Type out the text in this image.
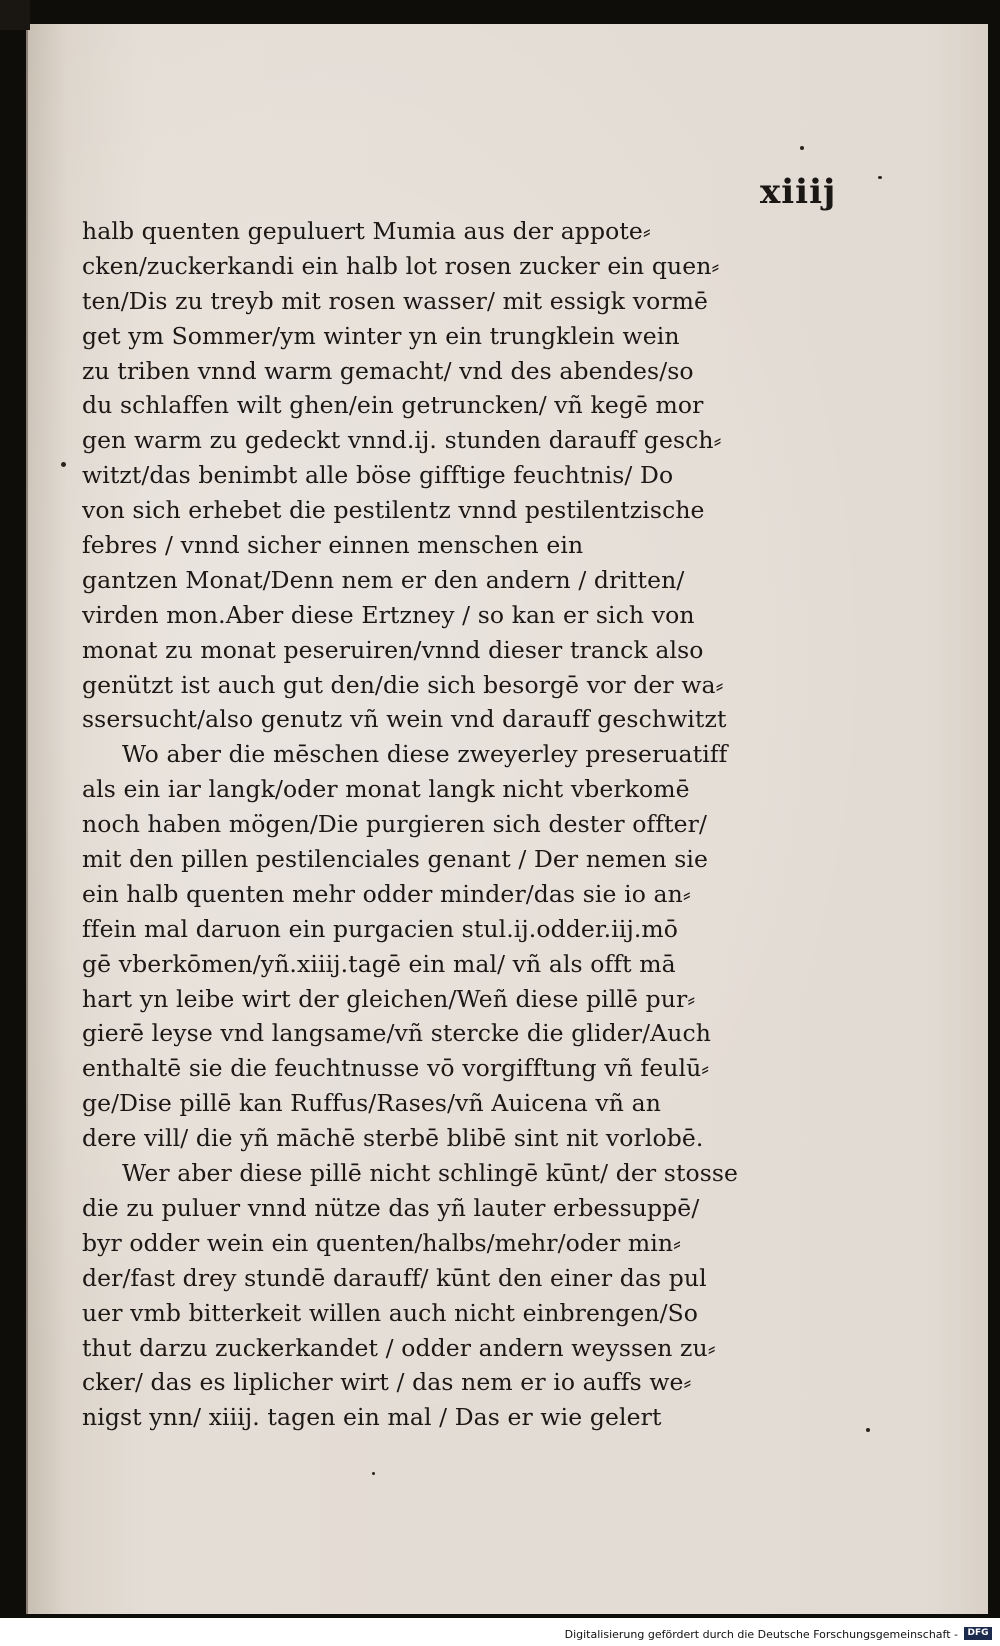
xiiij
halb quenten gepuluert Mumia aus der appote⸗
cken/zuckerkandi ein halb lot rosen zucker ein quen⸗
ten/Dis zu treyb mit rosen wasser/ mit essigk vormē
get ym Sommer/ym winter yn ein trungklein wein
zu triben vnnd warm gemacht/ vnd des abendes/so
du schlaffen wilt ghen/ein getruncken/ vñ kegē mor
gen warm zu gedeckt vnnd.ij. stunden darauff gesch⸗
witzt/das benimbt alle böse gifftige feuchtnis/ Do
von sich erhebet die pestilentz vnnd pestilentzische
febres / vnnd sicher einnen menschen ein
gantzen Monat/Denn nem er den andern / dritten/
virden mon.Aber diese Ertzney / so kan er sich von
monat zu monat peseruiren/vnnd dieser tranck also
genützt ist auch gut den/die sich besorgē vor der wa⸗
ssersucht/also genutz vñ wein vnd darauff geschwitzt
Wo aber die mēschen diese zweyerley preseruatiff
als ein iar langk/oder monat langk nicht vberkomē
noch haben mögen/Die purgieren sich dester offter/
mit den pillen pestilenciales genant / Der nemen sie
ein halb quenten mehr odder minder/das sie io an⸗
ffein mal daruon ein purgacien stul.ij.odder.iij.mō
gē vberkōmen/yñ.xiiij.tagē ein mal/ vñ als offt mā
hart yn leibe wirt der gleichen/Weñ diese pillē pur⸗
gierē leyse vnd langsame/vñ stercke die glider/Auch
enthaltē sie die feuchtnusse vō vorgifftung vñ feulū⸗
ge/Dise pillē kan Ruffus/Rases/vñ Auicena vñ an
dere vill/ die yñ māchē sterbē blibē sint nit vorlobē.
Wer aber diese pillē nicht schlingē kūnt/ der stosse
die zu puluer vnnd nütze das yñ lauter erbessuppē/
byr odder wein ein quenten/halbs/mehr/oder min⸗
der/fast drey stundē darauff/ kūnt den einer das pul
uer vmb bitterkeit willen auch nicht einbrengen/So
thut darzu zuckerkandet / odder andern weyssen zu⸗
cker/ das es liplicher wirt / das nem er io auffs we⸗
nigst ynn/ xiiij. tagen ein mal / Das er wie gelert
Digitalisierung gefördert durch die Deutsche Forschungsgemeinschaft -	DFG
